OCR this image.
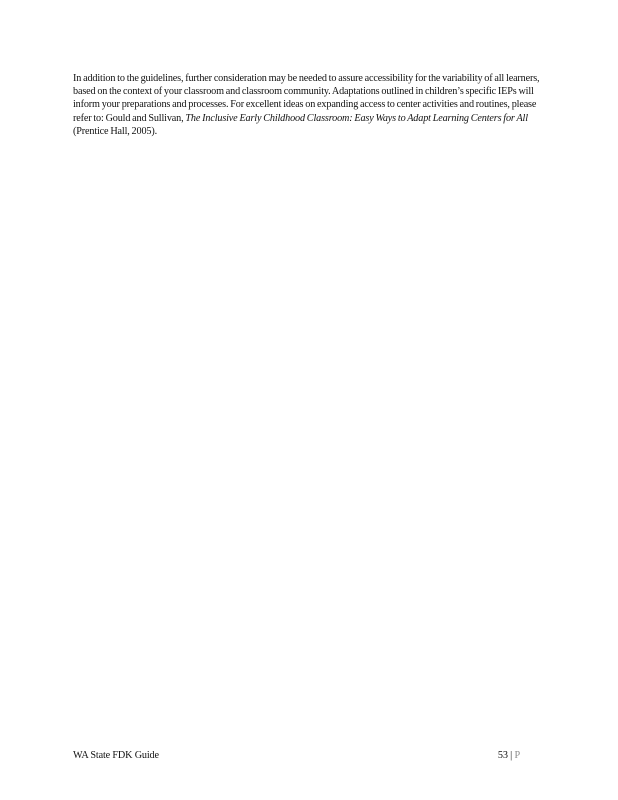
In addition to the guidelines, further consideration may be needed to assure accessibility for the variability of all learners, based on the context of your classroom and classroom community. Adaptations outlined in children’s specific IEPs will inform your preparations and processes. For excellent ideas on expanding access to center activities and routines, please refer to: Gould and Sullivan, The Inclusive Early Childhood Classroom: Easy Ways to Adapt Learning Centers for All (Prentice Hall, 2005).

WA State FDK Guide	53 | P
